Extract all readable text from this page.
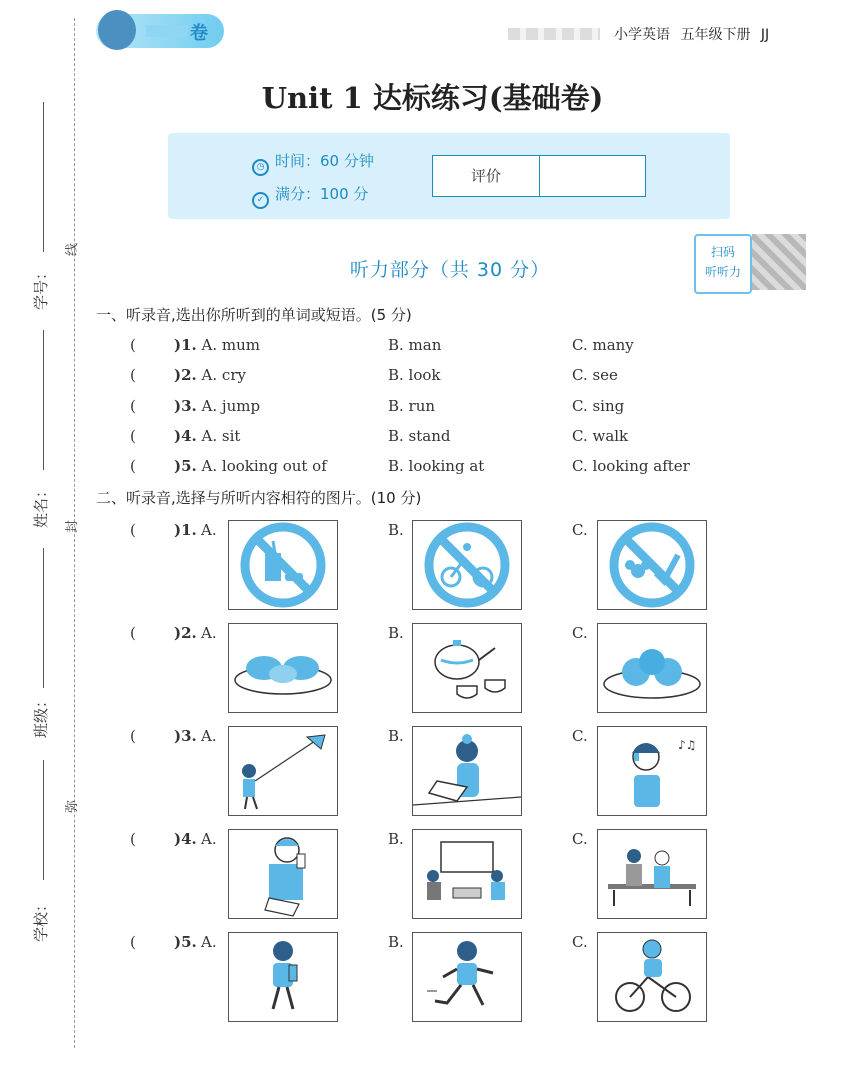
学号：
姓名：
班级：
学校：
线
封
弥
卷	小学英语 五年级下册 JJ
Unit 1 达标练习(基础卷)
◷ 时间：60 分钟
✓ 满分：100 分
评价
听力部分（共 30 分）
扫码
听听力
一、听录音,选出你所听到的单词或短语。(5 分)
(	)1. A. mum	B. man	C. many
(	)2. A. cry	B. look	C. see
(	)3. A. jump	B. run	C. sing
(	)4. A. sit	B. stand	C. walk
(	)5. A. looking out of	B. looking at	C. looking after
二、听录音,选择与所听内容相符的图片。(10 分)
(	)1. A.	B.	C.
(	)2. A.	B.	C.
(	)3. A.	B.	C.	♪♫
(	)4. A.	B.	C.
(	)5. A.	B.	C.
